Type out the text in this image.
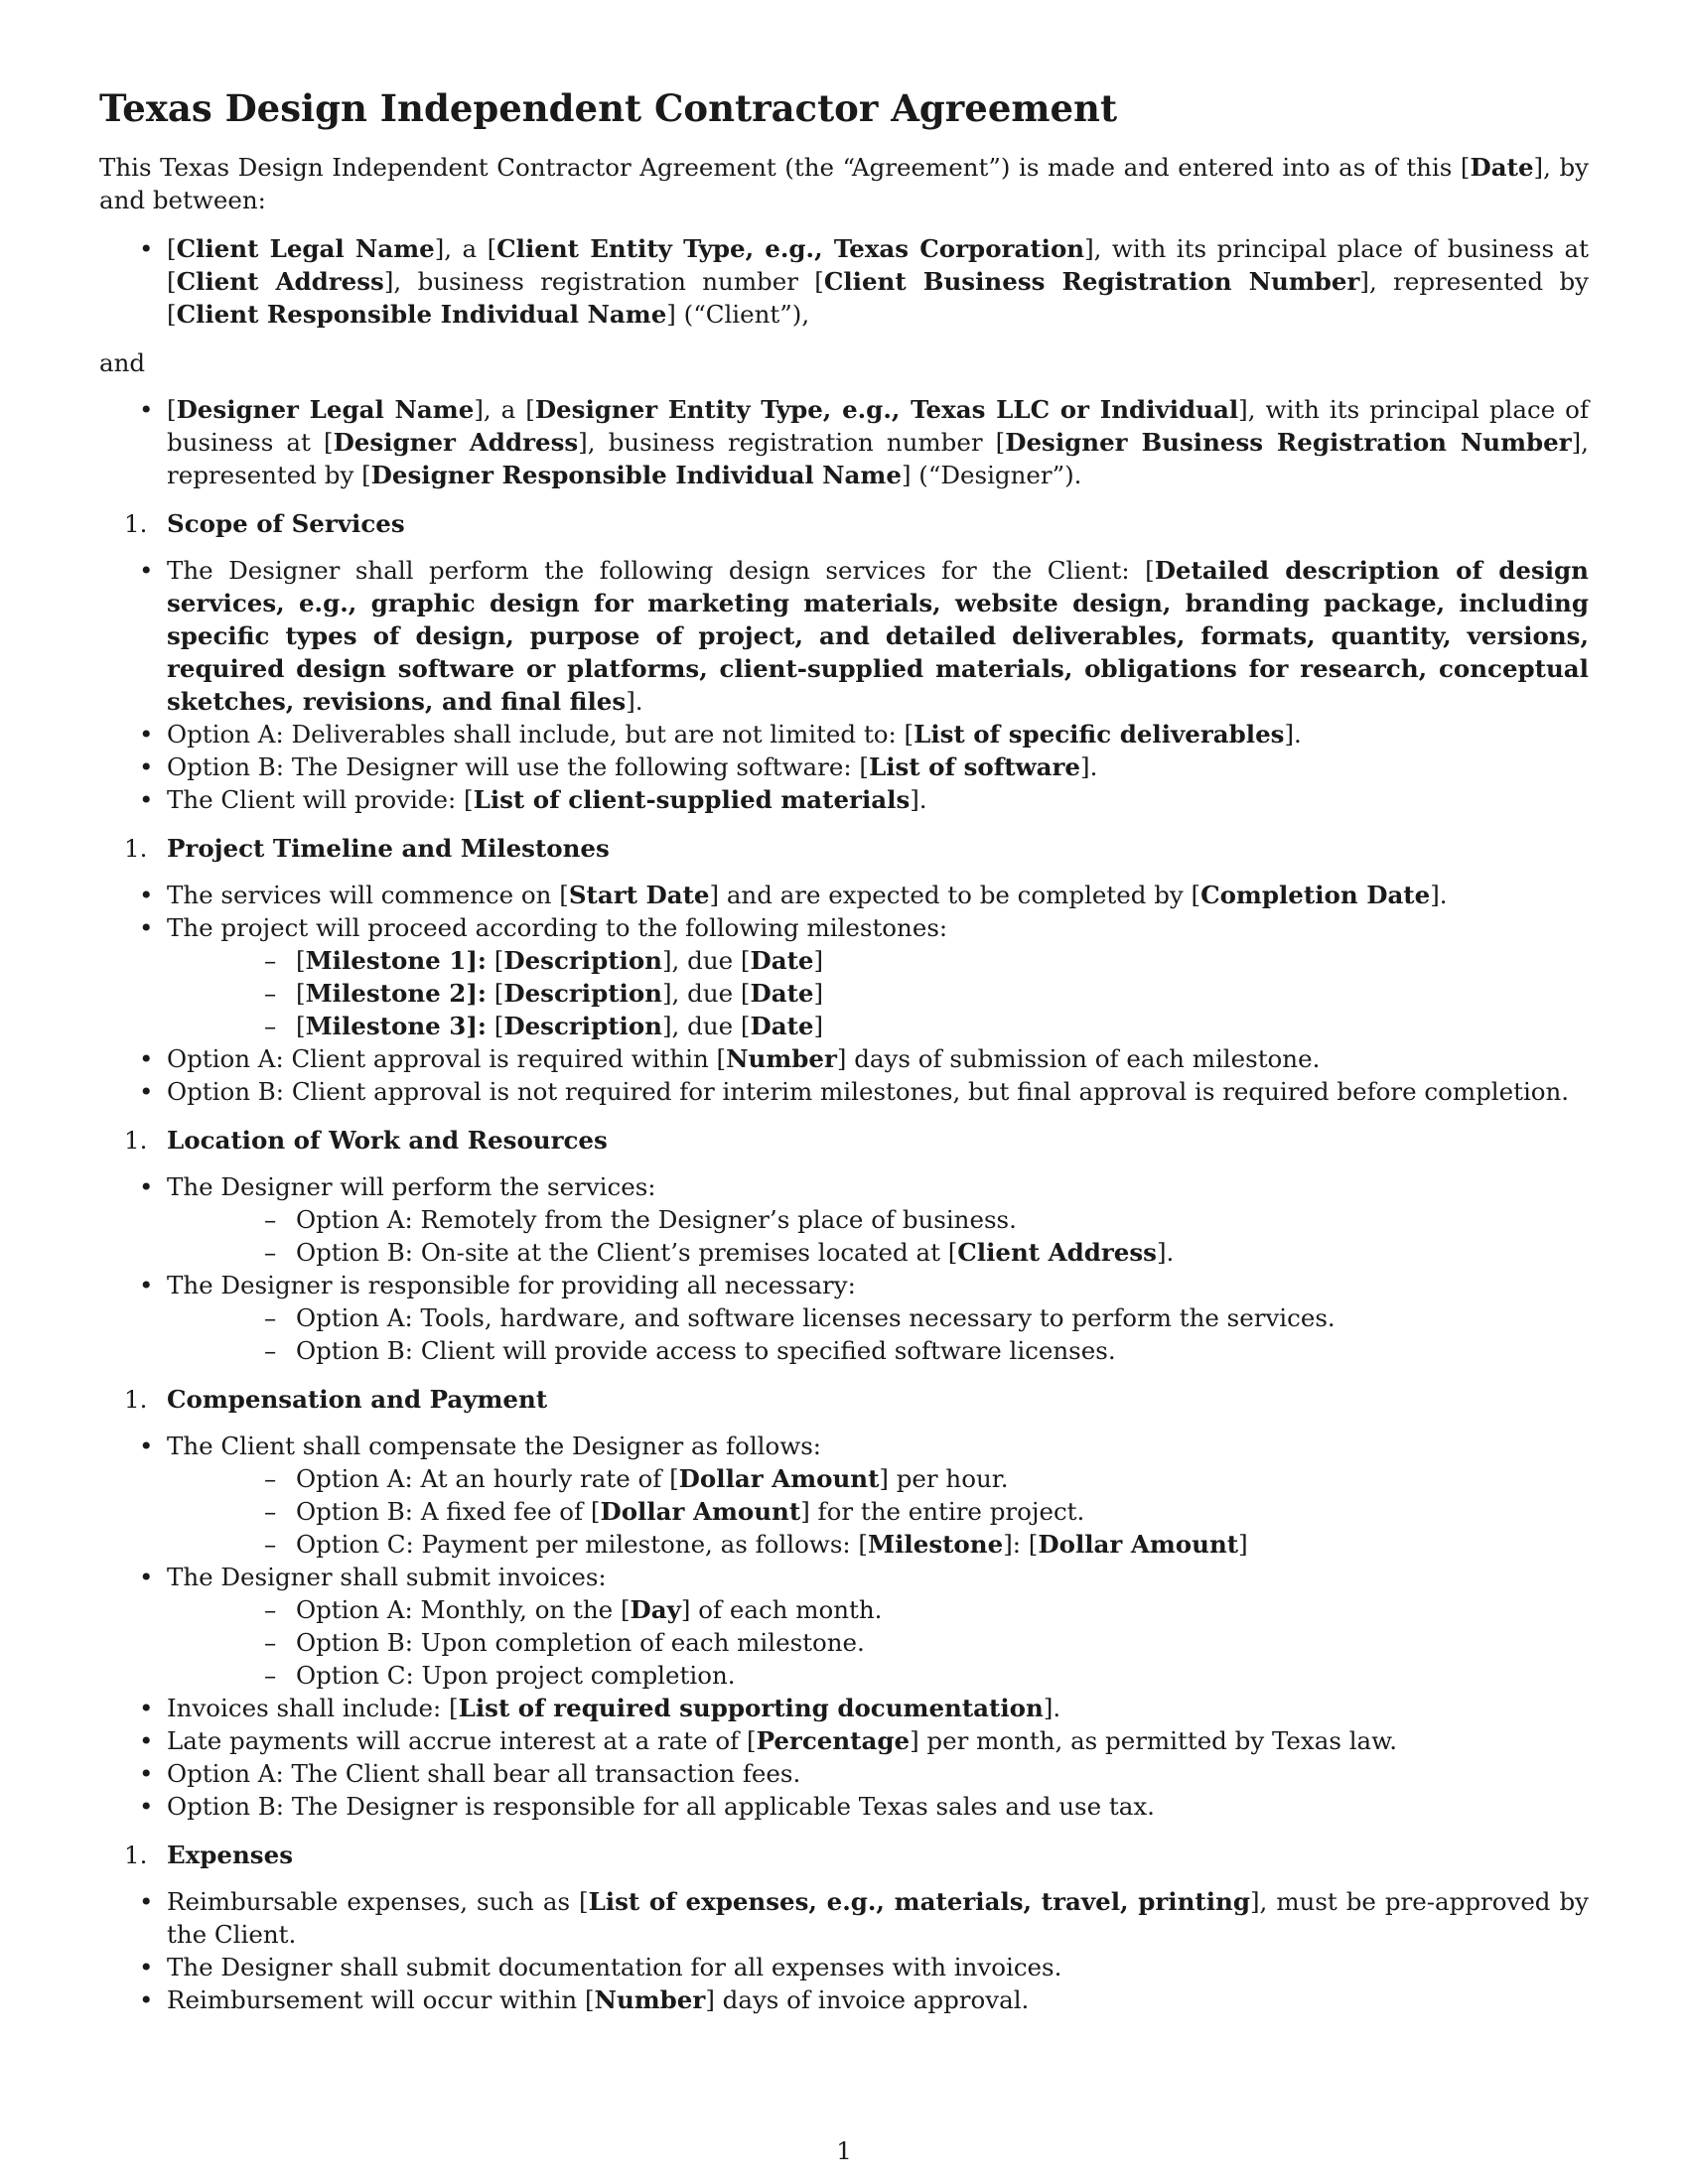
Texas Design Independent Contractor Agreement

This Texas Design Independent Contractor Agreement (the “Agreement”) is made and entered into as of this [Date], by and between:

• [Client Legal Name], a [Client Entity Type, e.g., Texas Corporation], with its principal place of business at [Client Address], business registration number [Client Business Registration Number], represented by [Client Responsible Individual Name] (“Client”),

and

• [Designer Legal Name], a [Designer Entity Type, e.g., Texas LLC or Individual], with its principal place of business at [Designer Address], business registration number [Designer Business Registration Number], represented by [Designer Responsible Individual Name] (“Designer”).
1. Scope of Services
• The Designer shall perform the following design services for the Client: [Detailed description of design services, e.g., graphic design for marketing materials, website design, branding package, including specific types of design, purpose of project, and detailed deliverables, formats, quantity, versions, required design software or platforms, client-supplied materials, obligations for research, conceptual sketches, revisions, and final files].
• Option A: Deliverables shall include, but are not limited to: [List of specific deliverables].
• Option B: The Designer will use the following software: [List of software].
• The Client will provide: [List of client-supplied materials].
1. Project Timeline and Milestones
• The services will commence on [Start Date] and are expected to be completed by [Completion Date].
• The project will proceed according to the following milestones:
– [Milestone 1]: [Description], due [Date]
– [Milestone 2]: [Description], due [Date]
– [Milestone 3]: [Description], due [Date]
• Option A: Client approval is required within [Number] days of submission of each milestone.
• Option B: Client approval is not required for interim milestones, but final approval is required before completion.
1. Location of Work and Resources
• The Designer will perform the services:
– Option A: Remotely from the Designer’s place of business.
– Option B: On-site at the Client’s premises located at [Client Address].
• The Designer is responsible for providing all necessary:
– Option A: Tools, hardware, and software licenses necessary to perform the services.
– Option B: Client will provide access to specified software licenses.
1. Compensation and Payment
• The Client shall compensate the Designer as follows:
– Option A: At an hourly rate of [Dollar Amount] per hour.
– Option B: A fixed fee of [Dollar Amount] for the entire project.
– Option C: Payment per milestone, as follows: [Milestone]: [Dollar Amount]
• The Designer shall submit invoices:
– Option A: Monthly, on the [Day] of each month.
– Option B: Upon completion of each milestone.
– Option C: Upon project completion.
• Invoices shall include: [List of required supporting documentation].
• Late payments will accrue interest at a rate of [Percentage] per month, as permitted by Texas law.
• Option A: The Client shall bear all transaction fees.
• Option B: The Designer is responsible for all applicable Texas sales and use tax.
1. Expenses
• Reimbursable expenses, such as [List of expenses, e.g., materials, travel, printing], must be pre-approved by the Client.
• The Designer shall submit documentation for all expenses with invoices.
• Reimbursement will occur within [Number] days of invoice approval.
1
